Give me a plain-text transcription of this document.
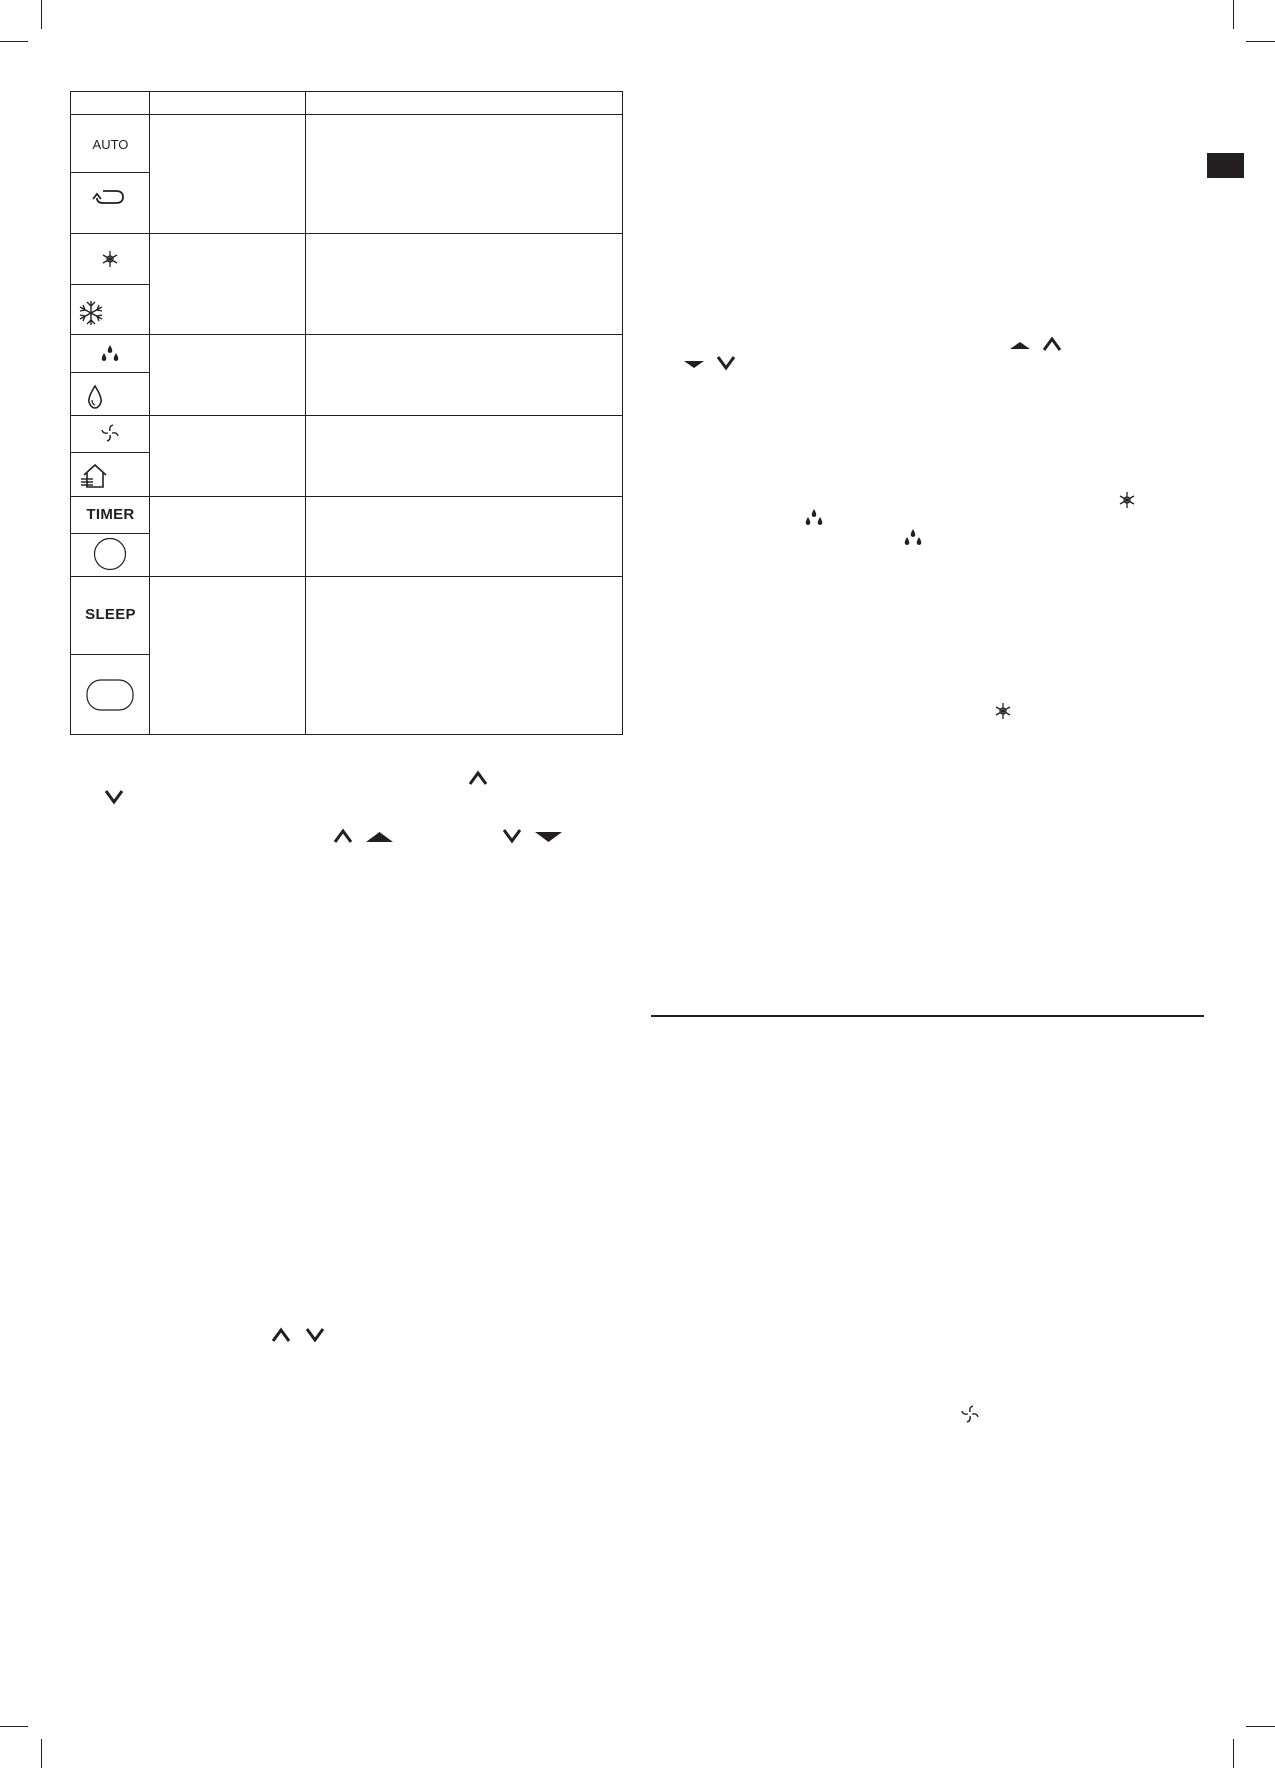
AUTO
TIMER
SLEEP
